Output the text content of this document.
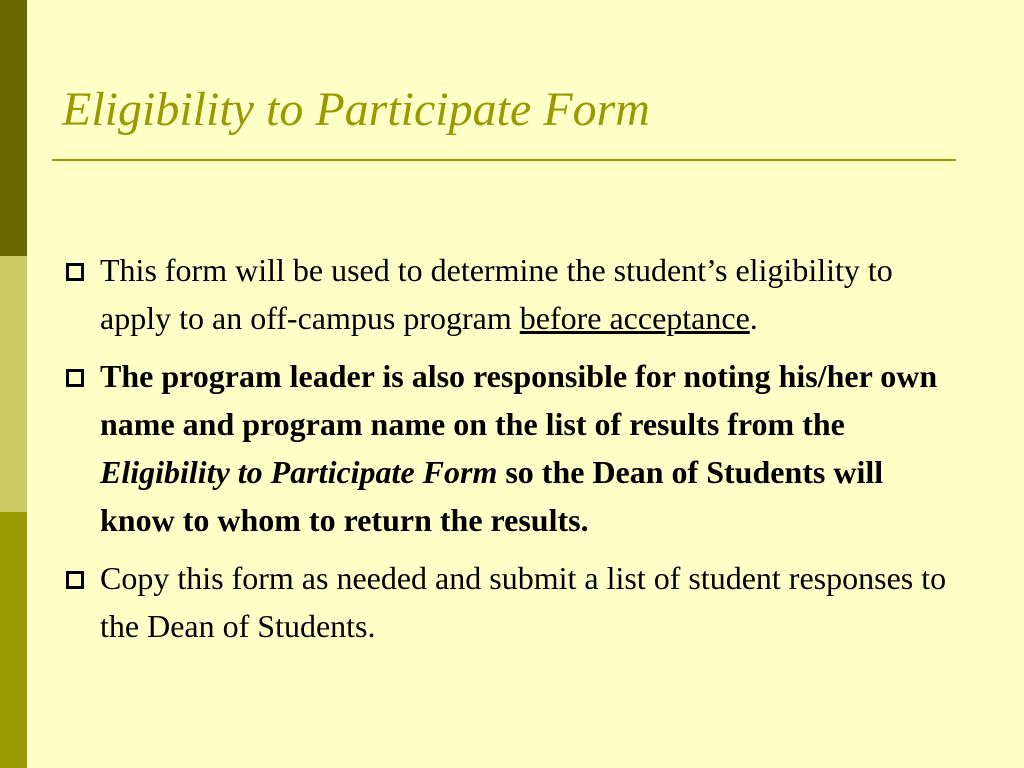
Eligibility to Participate Form
This form will be used to determine the student’s eligibility to apply to an off-campus program before acceptance.
The program leader is also responsible for noting his/her own name and program name on the list of results from the Eligibility to Participate Form so the Dean of Students will know to whom to return the results.
Copy this form as needed and submit a list of student responses to the Dean of Students.
